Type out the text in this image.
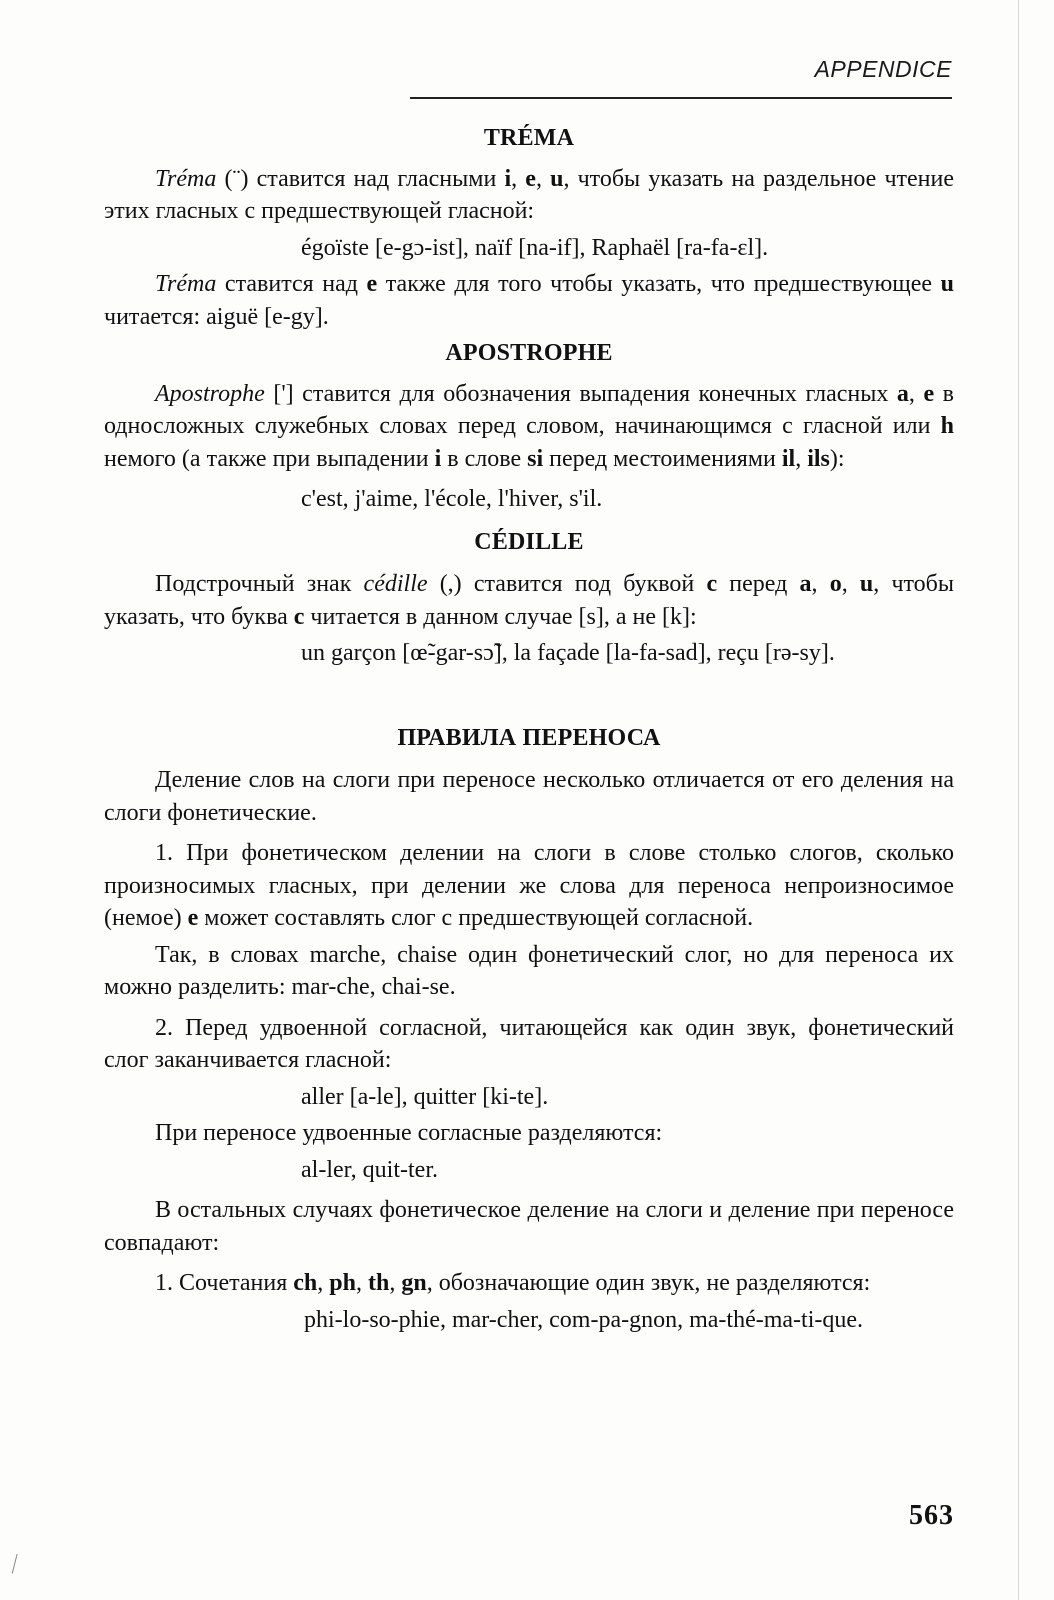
APPENDICE
TRÉMA

Tréma (¨) ставится над гласными i, e, u, чтобы указать на раздельное чтение этих гласных с предшествующей гласной:

égoïste [e-gɔ-ist], naïf [na-if], Raphaël [ra-fa-ɛl].

Tréma ставится над e также для того чтобы указать, что предшествующее u читается: aiguë [e-gy].

APOSTROPHE

Apostrophe ['] ставится для обозначения выпадения конечных гласных a, e в односложных служебных словах перед словом, начинающимся с гласной или h немого (а также при выпадении i в слове si перед местоимениями il, ils):

c'est, j'aime, l'école, l'hiver, s'il.

CÉDILLE

Подстрочный знак cédille (,) ставится под буквой c перед a, o, u, чтобы указать, что буква c читается в данном случае [s], а не [k]:

un garçon [œ̃-gar-sɔ̃], la façade [la-fa-sad], reçu [rə-sy].

ПРАВИЛА ПЕРЕНОСА

Деление слов на слоги при переносе несколько отличается от его деления на слоги фонетические.

1. При фонетическом делении на слоги в слове столько слогов, сколько произносимых гласных, при делении же слова для переноса непроизносимое (немое) e может составлять слог с предшествующей согласной.

Так, в словах marche, chaise один фонетический слог, но для переноса их можно разделить: mar-che, chai-se.

2. Перед удвоенной согласной, читающейся как один звук, фонетический слог заканчивается гласной:

aller [a-le], quitter [ki-te].

При переносе удвоенные согласные разделяются:

al-ler, quit-ter.

В остальных случаях фонетическое деление на слоги и деление при переносе совпадают:

1. Сочетания ch, ph, th, gn, обозначающие один звук, не разделяются:

phi-lo-so-phie, mar-cher, com-pa-gnon, ma-thé-ma-ti-que.

563
